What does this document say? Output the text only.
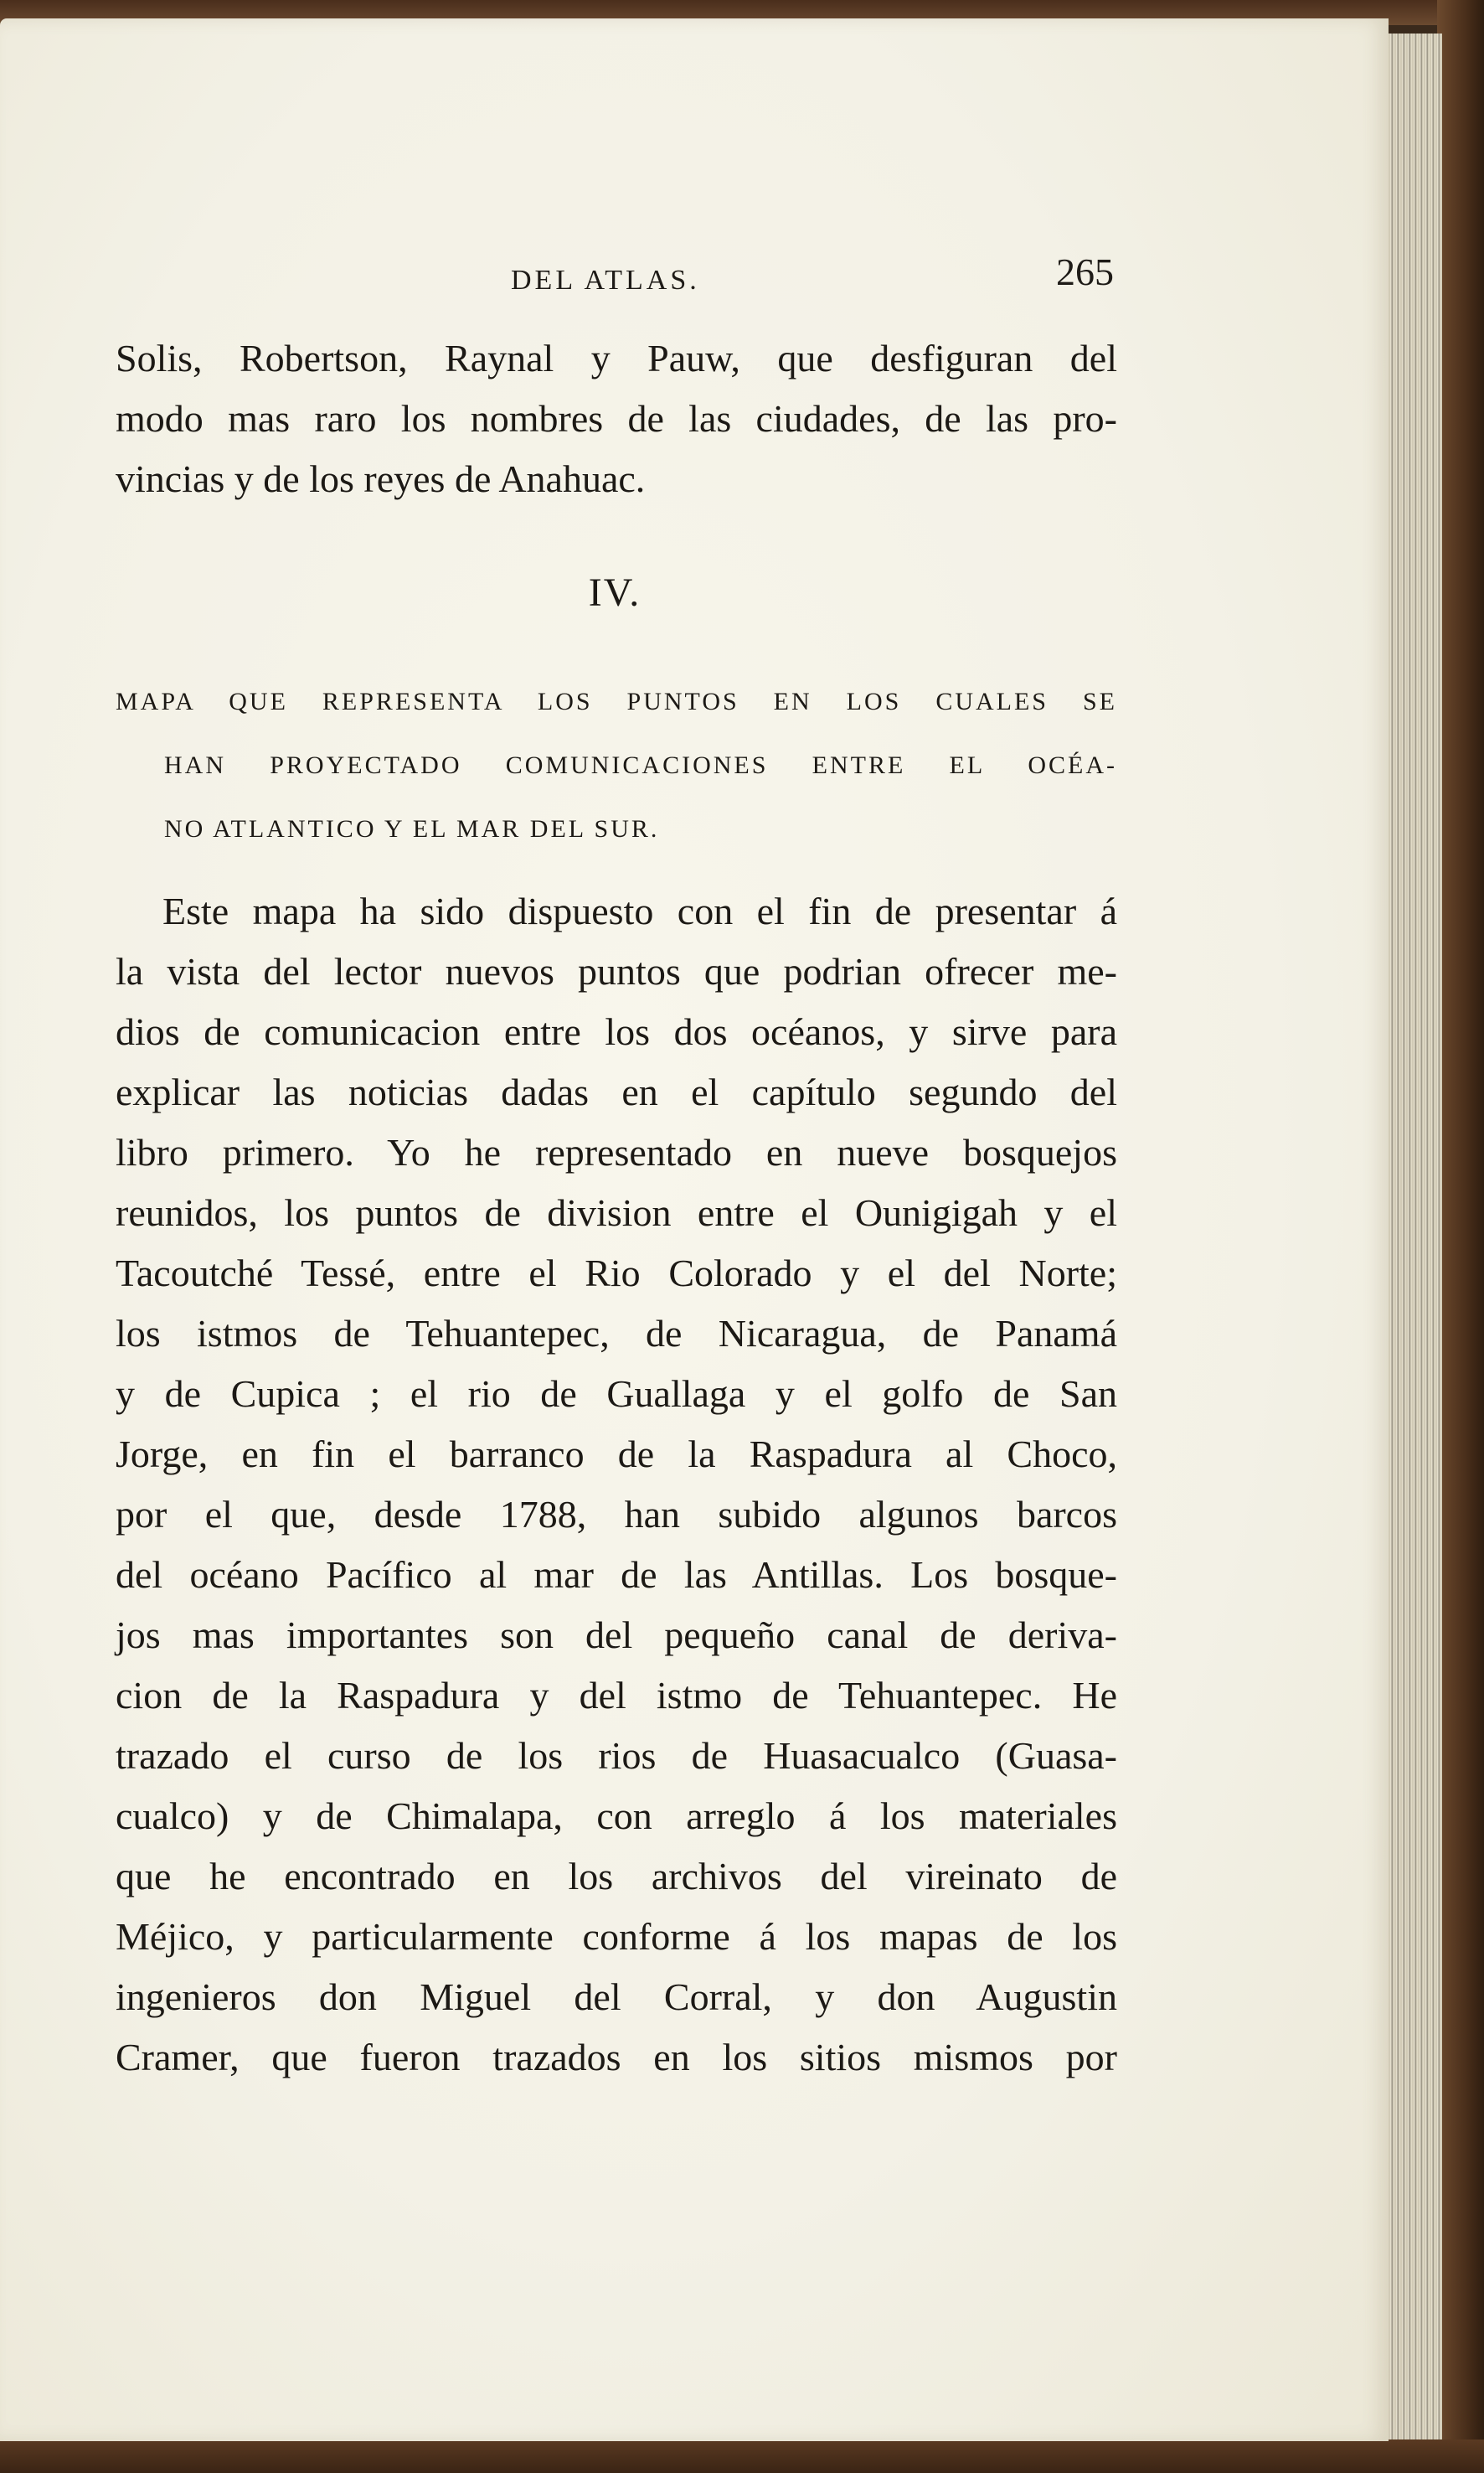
DEL ATLAS.	265
Solis, Robertson, Raynal y Pauw, que desfiguran del
modo mas raro los nombres de las ciudades, de las pro-
vincias y de los reyes de Anahuac.
IV.
MAPA QUE REPRESENTA LOS PUNTOS EN LOS CUALES SE
HAN PROYECTADO COMUNICACIONES ENTRE EL OCÉA-
NO ATLANTICO Y EL MAR DEL SUR.
Este mapa ha sido dispuesto con el fin de presentar á
la vista del lector nuevos puntos que podrian ofrecer me-
dios de comunicacion entre los dos océanos, y sirve para
explicar las noticias dadas en el capítulo segundo del
libro primero. Yo he representado en nueve bosquejos
reunidos, los puntos de division entre el Ounigigah y el
Tacoutché Tessé, entre el Rio Colorado y el del Norte;
los istmos de Tehuantepec, de Nicaragua, de Panamá
y de Cupica ; el rio de Guallaga y el golfo de San
Jorge, en fin el barranco de la Raspadura al Choco,
por el que, desde 1788, han subido algunos barcos
del océano Pacífico al mar de las Antillas. Los bosque-
jos mas importantes son del pequeño canal de deriva-
cion de la Raspadura y del istmo de Tehuantepec. He
trazado el curso de los rios de Huasacualco (Guasa-
cualco) y de Chimalapa, con arreglo á los materiales
que he encontrado en los archivos del vireinato de
Méjico, y particularmente conforme á los mapas de los
ingenieros don Miguel del Corral, y don Augustin
Cramer, que fueron trazados en los sitios mismos por
